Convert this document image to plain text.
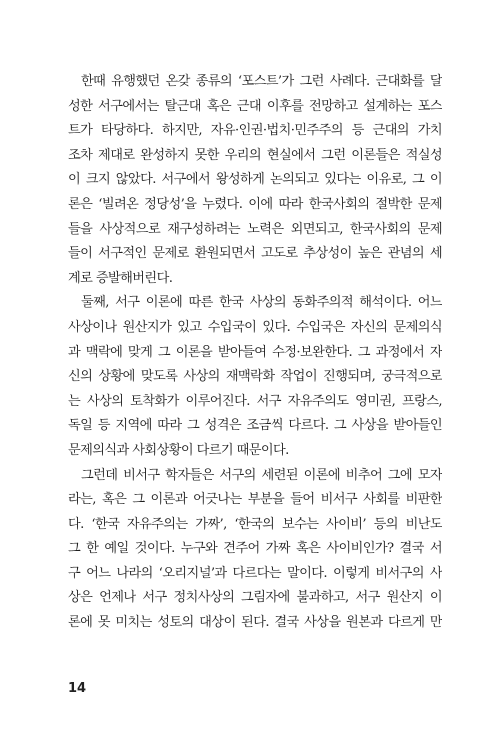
한때 유행했던 온갖 종류의 ‘포스트’가 그런 사례다. 근대화를 달
성한 서구에서는 탈근대 혹은 근대 이후를 전망하고 설계하는 포스
트가 타당하다. 하지만, 자유·인권·법치·민주주의 등 근대의 가치
조차 제대로 완성하지 못한 우리의 현실에서 그런 이론들은 적실성
이 크지 않았다. 서구에서 왕성하게 논의되고 있다는 이유로, 그 이
론은 ‘빌려온 정당성’을 누렸다. 이에 따라 한국사회의 절박한 문제
들을 사상적으로 재구성하려는 노력은 외면되고, 한국사회의 문제
들이 서구적인 문제로 환원되면서 고도로 추상성이 높은 관념의 세
계로 증발해버린다.
둘째, 서구 이론에 따른 한국 사상의 동화주의적 해석이다. 어느
사상이나 원산지가 있고 수입국이 있다. 수입국은 자신의 문제의식
과 맥락에 맞게 그 이론을 받아들여 수정·보완한다. 그 과정에서 자
신의 상황에 맞도록 사상의 재맥락화 작업이 진행되며, 궁극적으로
는 사상의 토착화가 이루어진다. 서구 자유주의도 영미권, 프랑스,
독일 등 지역에 따라 그 성격은 조금씩 다르다. 그 사상을 받아들인
문제의식과 사회상황이 다르기 때문이다.
그런데 비서구 학자들은 서구의 세련된 이론에 비추어 그에 모자
라는, 혹은 그 이론과 어긋나는 부분을 들어 비서구 사회를 비판한
다. ‘한국 자유주의는 가짜’, ‘한국의 보수는 사이비’ 등의 비난도
그 한 예일 것이다. 누구와 견주어 가짜 혹은 사이비인가? 결국 서
구 어느 나라의 ‘오리지널’과 다르다는 말이다. 이렇게 비서구의 사
상은 언제나 서구 정치사상의 그림자에 불과하고, 서구 원산지 이
론에 못 미치는 성토의 대상이 된다. 결국 사상을 원본과 다르게 만
14
